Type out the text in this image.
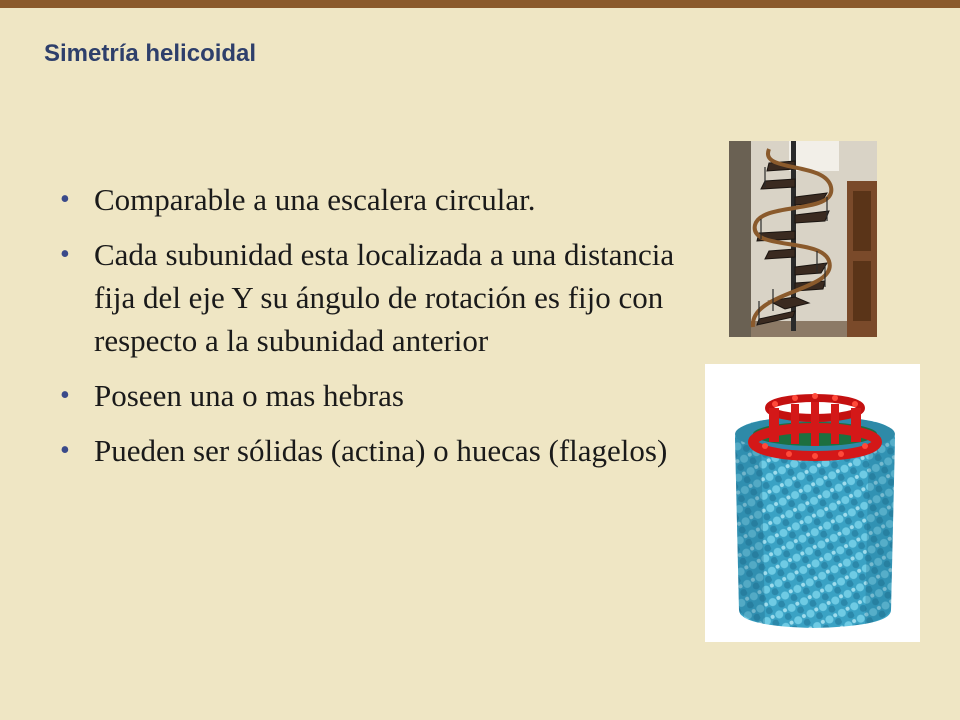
Simetría helicoidal
• Comparable a una escalera circular.
• Cada subunidad esta localizada a una distancia fija del eje Y su ángulo de rotación es fijo con respecto a la subunidad anterior
• Poseen una o mas hebras
• Pueden ser sólidas (actina) o huecas (flagelos)
